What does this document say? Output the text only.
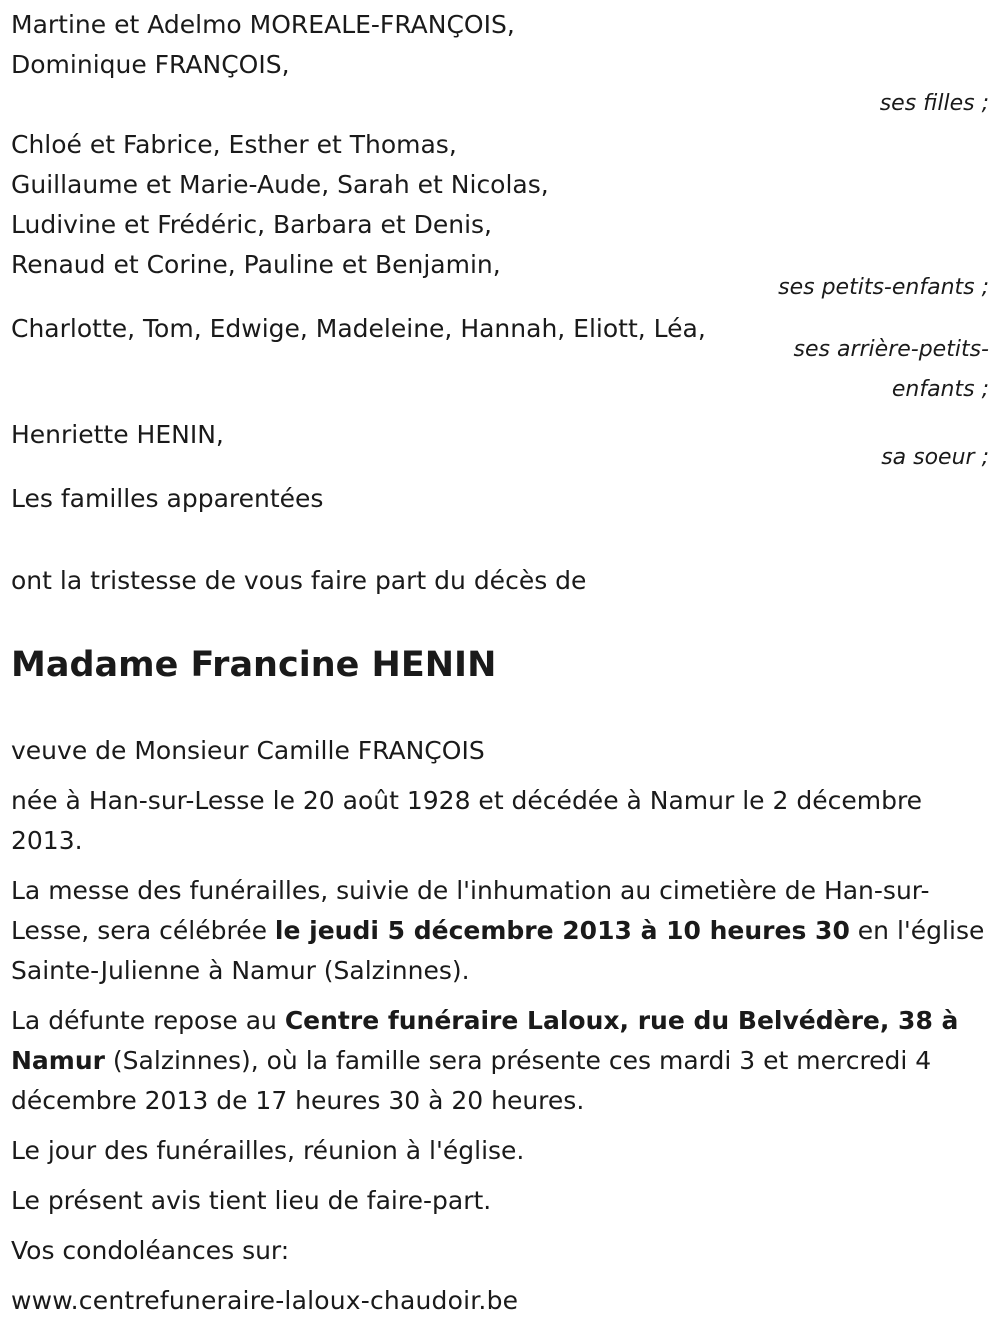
Martine et Adelmo MOREALE-FRANÇOIS,
Dominique FRANÇOIS,
ses filles ;
Chloé et Fabrice, Esther et Thomas,
Guillaume et Marie-Aude, Sarah et Nicolas,
Ludivine et Frédéric, Barbara et Denis,
Renaud et Corine, Pauline et Benjamin,
ses petits-enfants ;
Charlotte, Tom, Edwige, Madeleine, Hannah, Eliott, Léa,
ses arrière-petits-
enfants ;
Henriette HENIN,
sa soeur ;
Les familles apparentées
ont la tristesse de vous faire part du décès de
Madame Francine HENIN
veuve de Monsieur Camille FRANÇOIS
née à Han-sur-Lesse le 20 août 1928 et décédée à Namur le 2 décembre 2013.
La messe des funérailles, suivie de l'inhumation au cimetière de Han-sur-Lesse, sera célébrée le jeudi 5 décembre 2013 à 10 heures 30 en l'église Sainte-Julienne à Namur (Salzinnes).
La défunte repose au Centre funéraire Laloux, rue du Belvédère, 38 à Namur (Salzinnes), où la famille sera présente ces mardi 3 et mercredi 4 décembre 2013 de 17 heures 30 à 20 heures.
Le jour des funérailles, réunion à l'église.
Le présent avis tient lieu de faire-part.
Vos condoléances sur:
www.centrefuneraire-laloux-chaudoir.be
